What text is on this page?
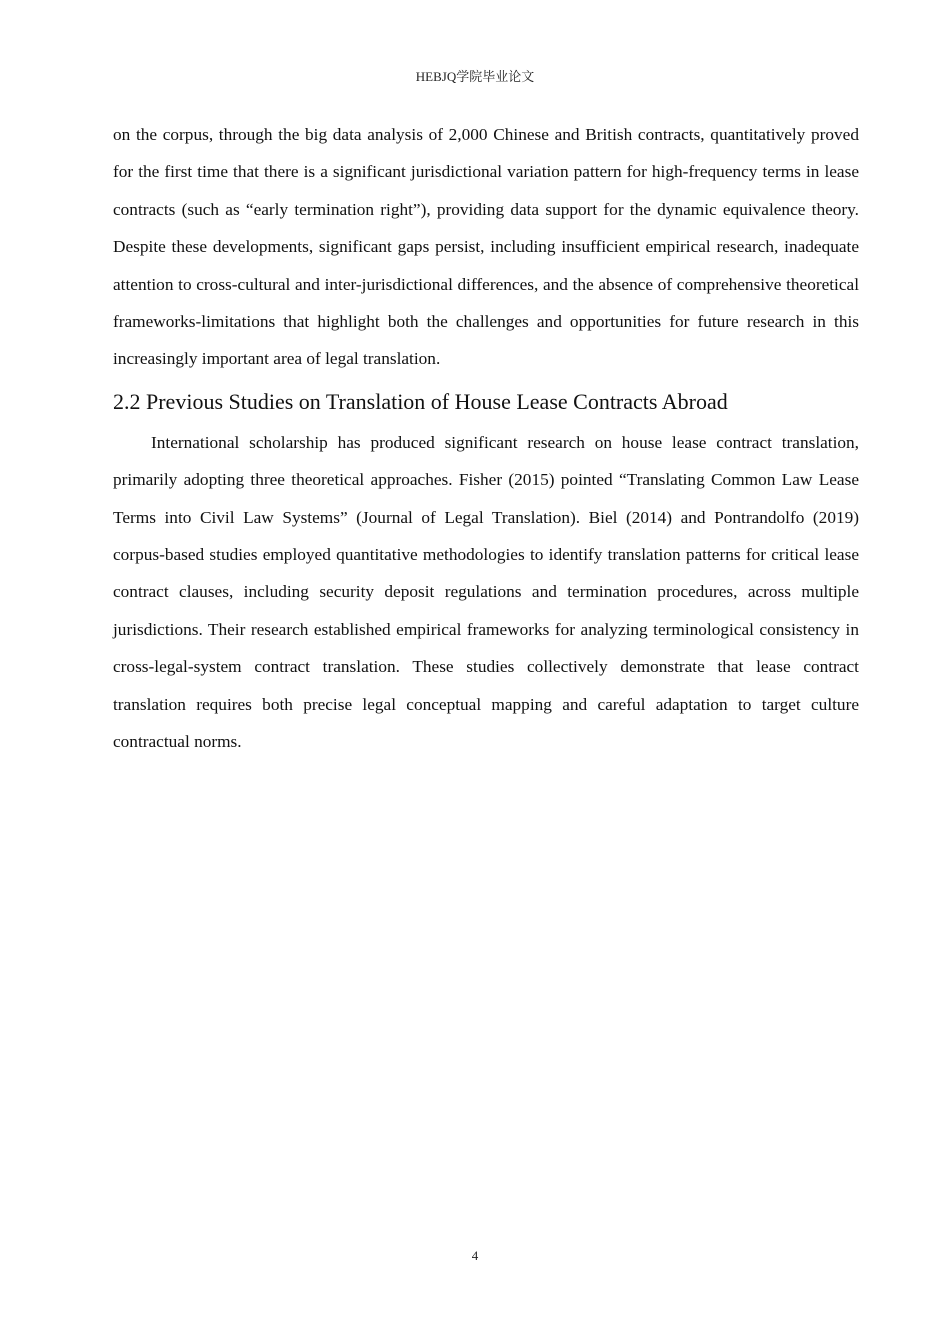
HEBJQ学院毕业论文

on the corpus, through the big data analysis of 2,000 Chinese and British contracts, quantitatively proved for the first time that there is a significant jurisdictional variation pattern for high-frequency terms in lease contracts (such as “early termination right”), providing data support for the dynamic equivalence theory. Despite these developments, significant gaps persist, including insufficient empirical research, inadequate attention to cross-cultural and inter-jurisdictional differences, and the absence of comprehensive theoretical frameworks-limitations that highlight both the challenges and opportunities for future research in this increasingly important area of legal translation.

2.2 Previous Studies on Translation of House Lease Contracts Abroad

International scholarship has produced significant research on house lease contract translation, primarily adopting three theoretical approaches. Fisher (2015) pointed “Translating Common Law Lease Terms into Civil Law Systems” (Journal of Legal Translation). Biel (2014) and Pontrandolfo (2019) corpus-based studies employed quantitative methodologies to identify translation patterns for critical lease contract clauses, including security deposit regulations and termination procedures, across multiple jurisdictions. Their research established empirical frameworks for analyzing terminological consistency in cross-legal-system contract translation. These studies collectively demonstrate that lease contract translation requires both precise legal conceptual mapping and careful adaptation to target culture contractual norms.

4
